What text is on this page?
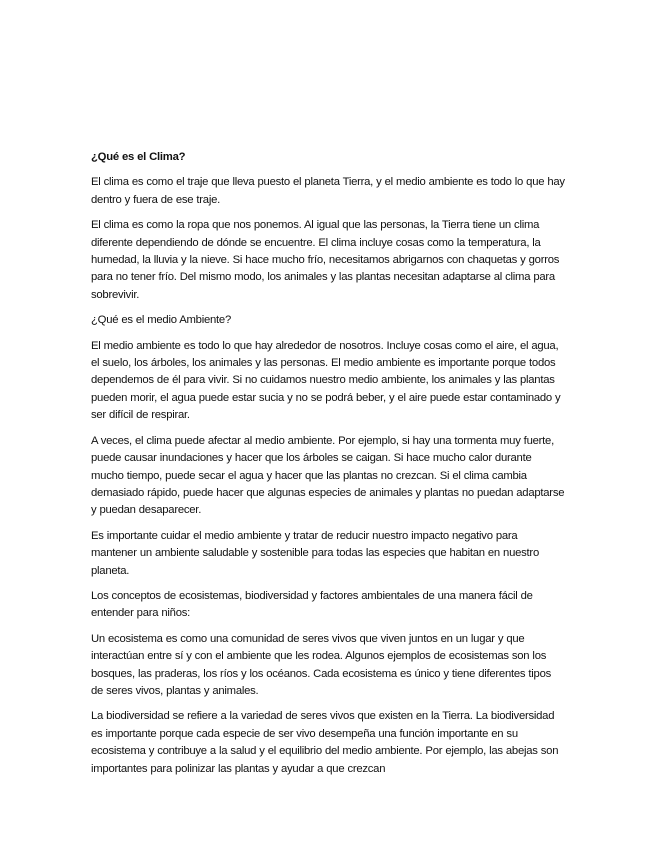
¿Qué es el Clima?

El clima es como el traje que lleva puesto el planeta Tierra, y el medio ambiente es todo lo que hay dentro y fuera de ese traje.

El clima es como la ropa que nos ponemos. Al igual que las personas, la Tierra tiene un clima diferente dependiendo de dónde se encuentre. El clima incluye cosas como la temperatura, la humedad, la lluvia y la nieve. Si hace mucho frío, necesitamos abrigarnos con chaquetas y gorros para no tener frío. Del mismo modo, los animales y las plantas necesitan adaptarse al clima para sobrevivir.

¿Qué es el medio Ambiente?

El medio ambiente es todo lo que hay alrededor de nosotros. Incluye cosas como el aire, el agua, el suelo, los árboles, los animales y las personas. El medio ambiente es importante porque todos dependemos de él para vivir. Si no cuidamos nuestro medio ambiente, los animales y las plantas pueden morir, el agua puede estar sucia y no se podrá beber, y el aire puede estar contaminado y ser difícil de respirar.

A veces, el clima puede afectar al medio ambiente. Por ejemplo, si hay una tormenta muy fuerte, puede causar inundaciones y hacer que los árboles se caigan. Si hace mucho calor durante mucho tiempo, puede secar el agua y hacer que las plantas no crezcan. Si el clima cambia demasiado rápido, puede hacer que algunas especies de animales y plantas no puedan adaptarse y puedan desaparecer.

Es importante cuidar el medio ambiente y tratar de reducir nuestro impacto negativo para mantener un ambiente saludable y sostenible para todas las especies que habitan en nuestro planeta.

Los conceptos de ecosistemas, biodiversidad y factores ambientales de una manera fácil de entender para niños:

Un ecosistema es como una comunidad de seres vivos que viven juntos en un lugar y que interactúan entre sí y con el ambiente que les rodea. Algunos ejemplos de ecosistemas son los bosques, las praderas, los ríos y los océanos. Cada ecosistema es único y tiene diferentes tipos de seres vivos, plantas y animales.

La biodiversidad se refiere a la variedad de seres vivos que existen en la Tierra. La biodiversidad es importante porque cada especie de ser vivo desempeña una función importante en su ecosistema y contribuye a la salud y el equilibrio del medio ambiente. Por ejemplo, las abejas son importantes para polinizar las plantas y ayudar a que crezcan
